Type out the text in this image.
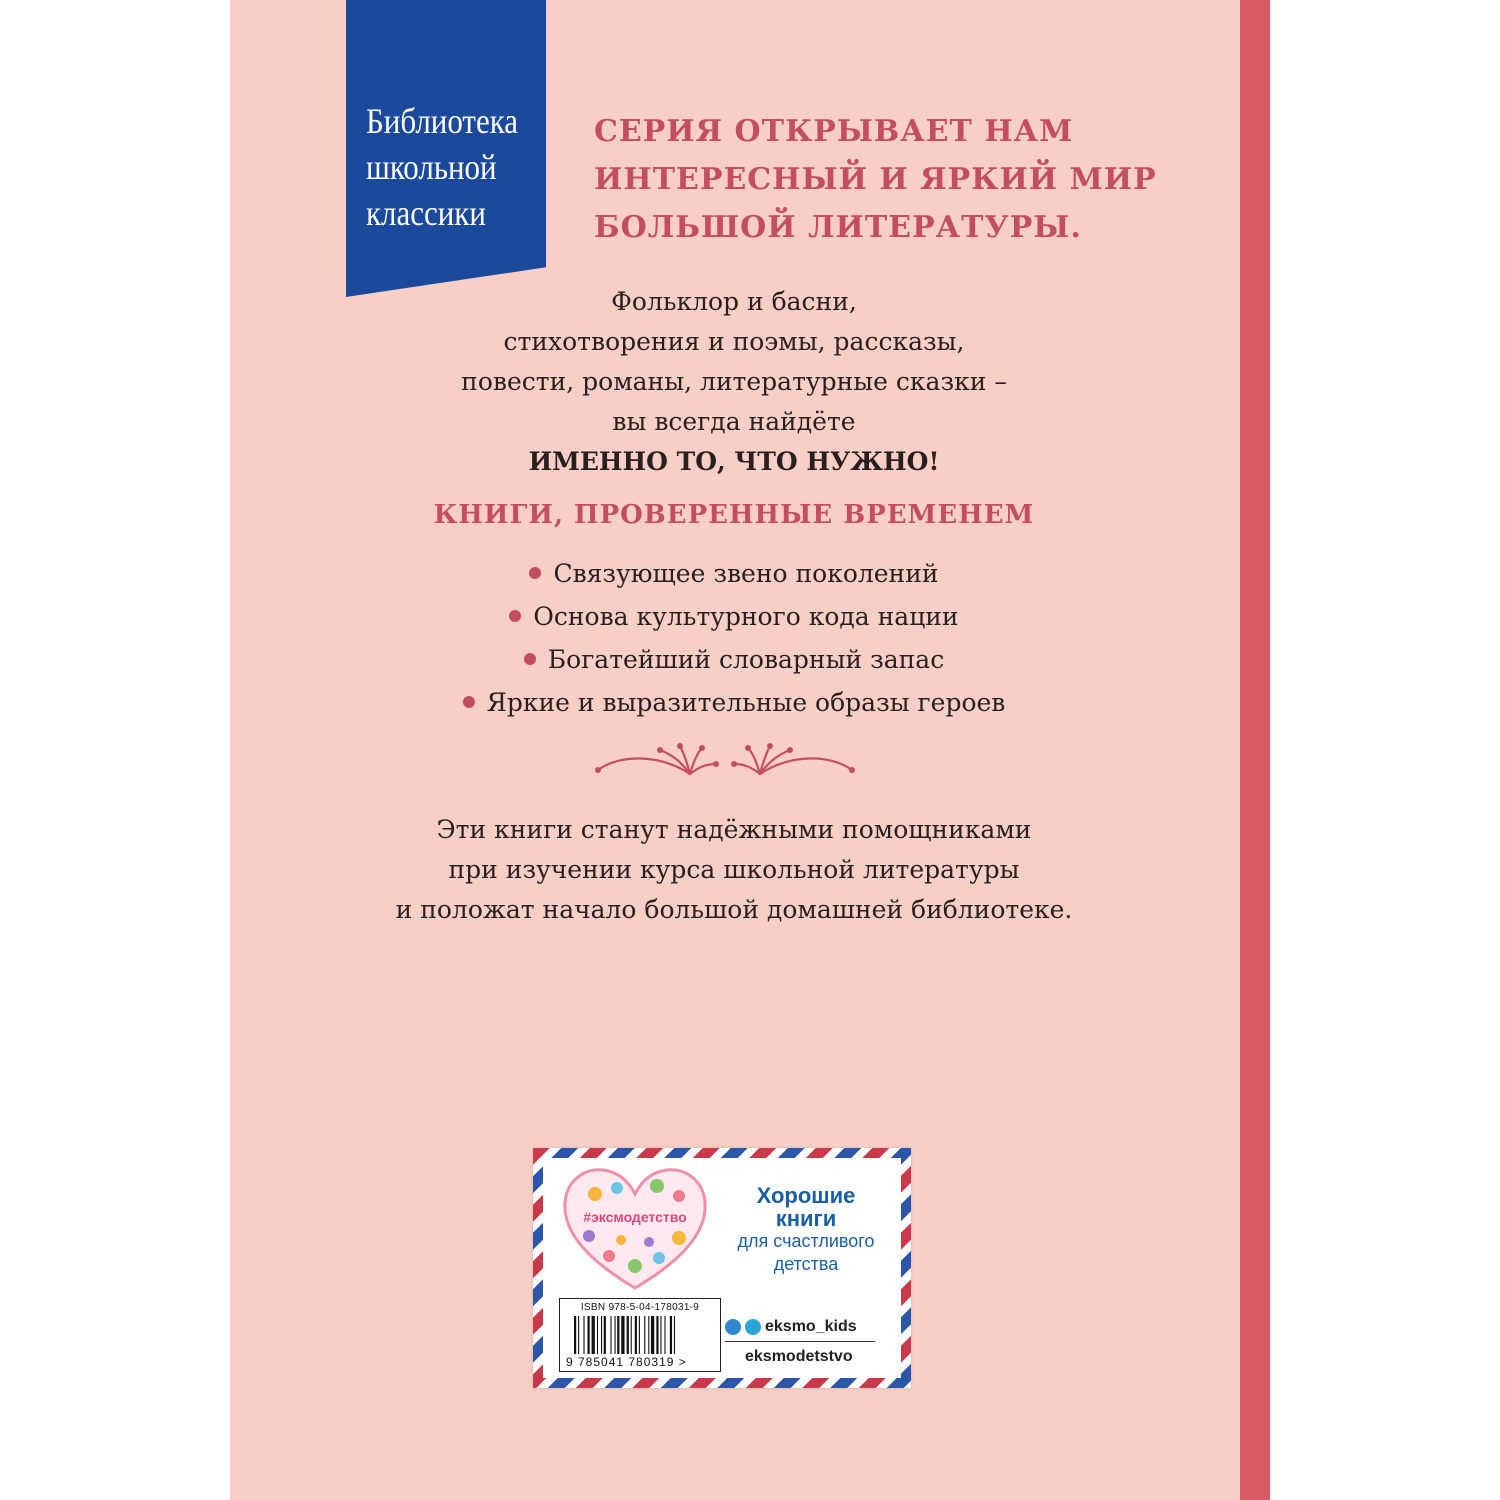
Библиотека
школьной
классики
СЕРИЯ ОТКРЫВАЕТ НАМ
ИНТЕРЕСНЫЙ И ЯРКИЙ МИР
БОЛЬШОЙ ЛИТЕРАТУРЫ.
Фольклор и басни,
стихотворения и поэмы, рассказы,
повести, романы, литературные сказки –
вы всегда найдёте
ИМЕННО ТО, ЧТО НУЖНО!
КНИГИ, ПРОВЕРЕННЫЕ ВРЕМЕНЕМ
Связующее звено поколений
Основа культурного кода нации
Богатейший словарный запас
Яркие и выразительные образы героев
Эти книги станут надёжными помощниками
при изучении курса школьной литературы
и положат начало большой домашней библиотеке.
#эксмодетство
Хорошие
книги
для счастливого
детства
ISBN 978-5-04-178031-9
9 785041 780319 >
eksmo_kids
eksmodetstvo
